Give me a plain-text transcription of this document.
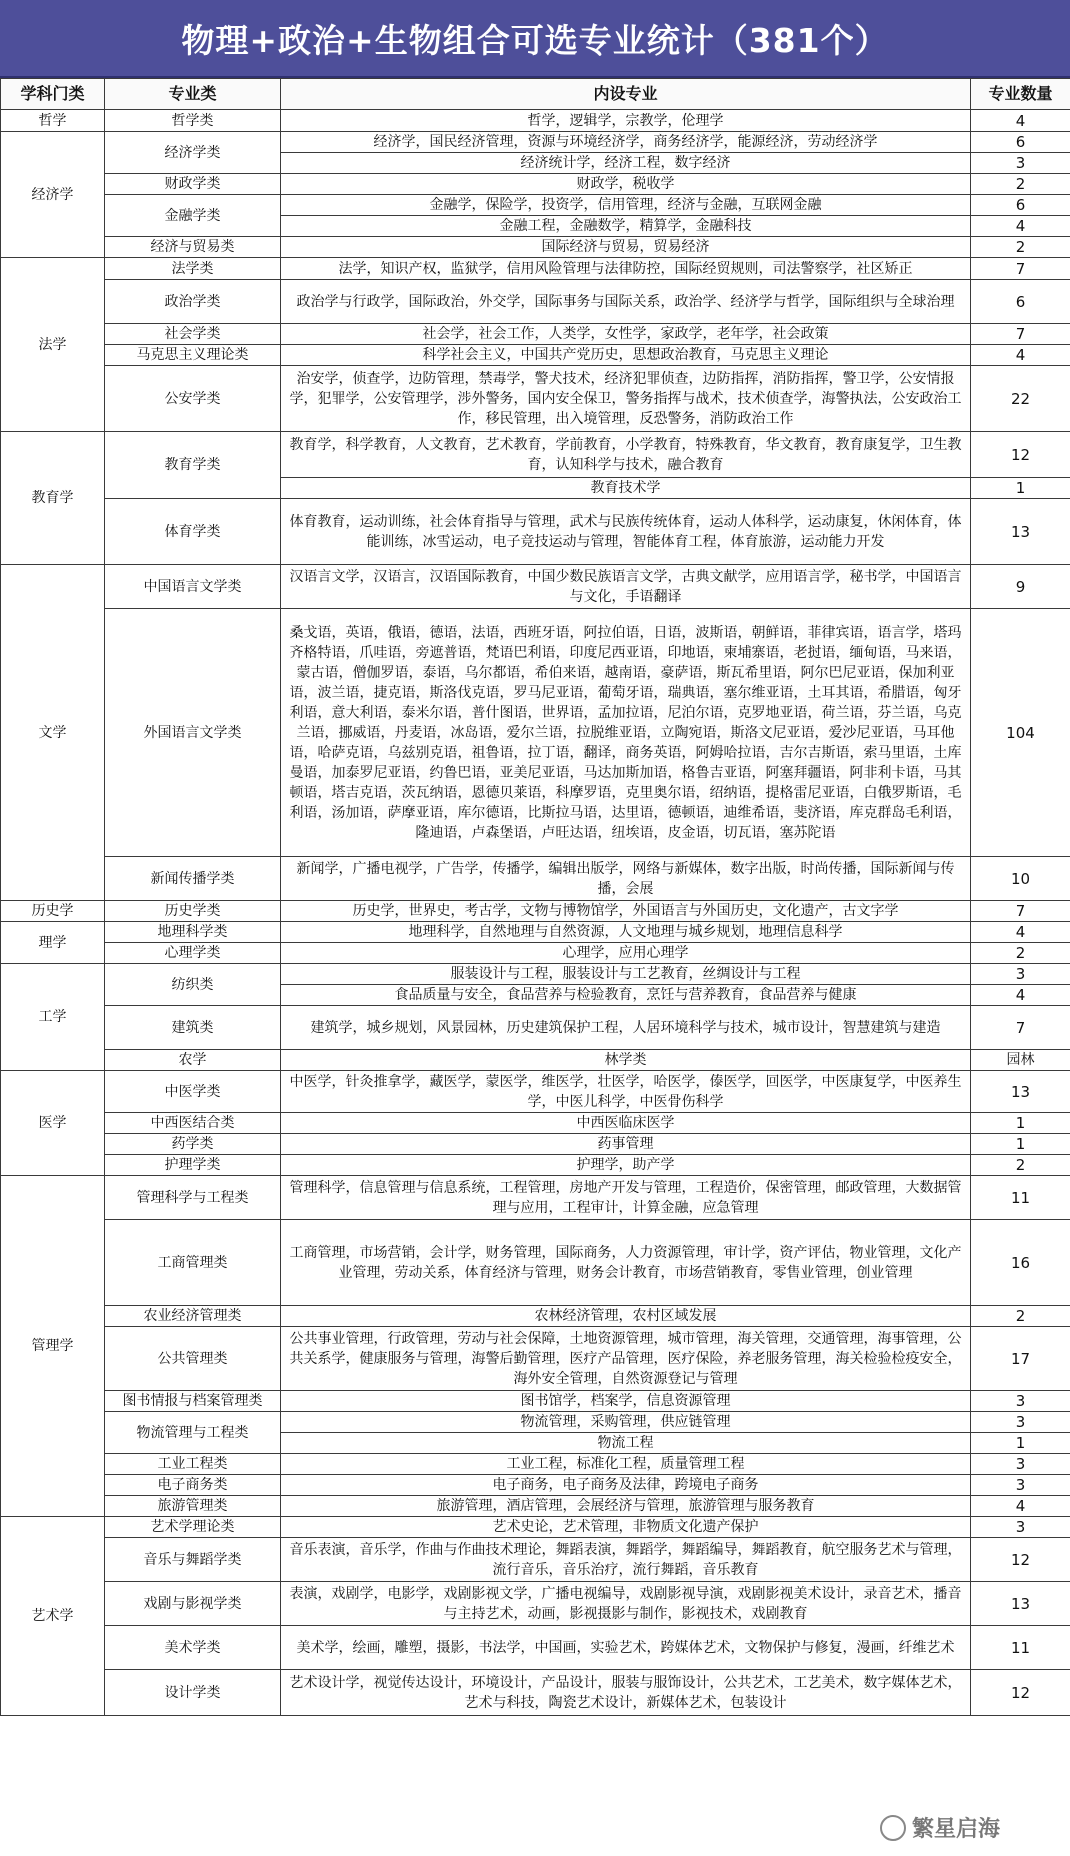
物理+政治+生物组合可选专业统计（381个）
学科门类	专业类	内设专业	专业数量	
哲学	哲学类	哲学，逻辑学，宗教学，伦理学	4	
经济学	经济学类	经济学，国民经济管理，资源与环境经济学，商务经济学，能源经济，劳动经济学	6	
		经济统计学，经济工程，数字经济	3	
	财政学类	财政学，税收学	2	
	金融学类	金融学，保险学，投资学，信用管理，经济与金融，互联网金融	6	
		金融工程，金融数学，精算学，金融科技	4	
	经济与贸易类	国际经济与贸易，贸易经济	2	
法学	法学类	法学，知识产权，监狱学，信用风险管理与法律防控，国际经贸规则，司法警察学，社区矫正	7	
	政治学类	政治学与行政学，国际政治，外交学，国际事务与国际关系，政治学、经济学与哲学，国际组织与全球治理	6	
	社会学类	社会学，社会工作，人类学，女性学，家政学，老年学，社会政策	7	
	马克思主义理论类	科学社会主义，中国共产党历史，思想政治教育，马克思主义理论	4	
	公安学类	治安学，侦查学，边防管理，禁毒学，警犬技术，经济犯罪侦查，边防指挥，消防指挥，警卫学，公安情报学，犯罪学，公安管理学，涉外警务，国内安全保卫，警务指挥与战术，技术侦查学，海警执法，公安政治工作，移民管理，出入境管理，反恐警务，消防政治工作	22	
教育学	教育学类	教育学，科学教育，人文教育，艺术教育，学前教育，小学教育，特殊教育，华文教育，教育康复学，卫生教育，认知科学与技术，融合教育	12	
		教育技术学	1	
	体育学类	体育教育，运动训练，社会体育指导与管理，武术与民族传统体育，运动人体科学，运动康复，休闲体育，体能训练，冰雪运动，电子竞技运动与管理，智能体育工程，体育旅游，运动能力开发	13	
文学	中国语言文学类	汉语言文学，汉语言，汉语国际教育，中国少数民族语言文学，古典文献学，应用语言学，秘书学，中国语言与文化，手语翻译	9	
	外国语言文学类	桑戈语，英语，俄语，德语，法语，西班牙语，阿拉伯语，日语，波斯语，朝鲜语，菲律宾语，语言学，塔玛齐格特语，爪哇语，旁遮普语，梵语巴利语，印度尼西亚语，印地语，柬埔寨语，老挝语，缅甸语，马来语，蒙古语，僧伽罗语，泰语，乌尔都语，希伯来语，越南语，豪萨语，斯瓦希里语，阿尔巴尼亚语，保加利亚语，波兰语，捷克语，斯洛伐克语，罗马尼亚语，葡萄牙语，瑞典语，塞尔维亚语，土耳其语，希腊语，匈牙利语，意大利语，泰米尔语，普什图语，世界语，孟加拉语，尼泊尔语，克罗地亚语，荷兰语，芬兰语，乌克兰语，挪威语，丹麦语，冰岛语，爱尔兰语，拉脱维亚语，立陶宛语，斯洛文尼亚语，爱沙尼亚语，马耳他语，哈萨克语，乌兹别克语，祖鲁语，拉丁语，翻译，商务英语，阿姆哈拉语，吉尔吉斯语，索马里语，土库曼语，加泰罗尼亚语，约鲁巴语，亚美尼亚语，马达加斯加语，格鲁吉亚语，阿塞拜疆语，阿非利卡语，马其顿语，塔吉克语，茨瓦纳语，恩德贝莱语，科摩罗语，克里奥尔语，绍纳语，提格雷尼亚语，白俄罗斯语，毛利语，汤加语，萨摩亚语，库尔德语，比斯拉马语，达里语，德顿语，迪维希语，斐济语，库克群岛毛利语，隆迪语，卢森堡语，卢旺达语，纽埃语，皮金语，切瓦语，塞苏陀语	104	
	新闻传播学类	新闻学，广播电视学，广告学，传播学，编辑出版学，网络与新媒体，数字出版，时尚传播，国际新闻与传播，会展	10	
历史学	历史学类	历史学，世界史，考古学，文物与博物馆学，外国语言与外国历史，文化遗产，古文字学	7	
理学	地理科学类	地理科学，自然地理与自然资源，人文地理与城乡规划，地理信息科学	4	
	心理学类	心理学，应用心理学	2	
工学	纺织类	服装设计与工程，服装设计与工艺教育，丝绸设计与工程	3	
		食品质量与安全，食品营养与检验教育，烹饪与营养教育，食品营养与健康	4	
	建筑类	建筑学，城乡规划，风景园林，历史建筑保护工程，人居环境科学与技术，城市设计，智慧建筑与建造	7	
	农学	林学类	园林	
医学	中医学类	中医学，针灸推拿学，藏医学，蒙医学，维医学，壮医学，哈医学，傣医学，回医学，中医康复学，中医养生学，中医儿科学，中医骨伤科学	13	
	中西医结合类	中西医临床医学	1	
	药学类	药事管理	1	
	护理学类	护理学，助产学	2	
管理学	管理科学与工程类	管理科学，信息管理与信息系统，工程管理，房地产开发与管理，工程造价，保密管理，邮政管理，大数据管理与应用，工程审计，计算金融，应急管理	11	
	工商管理类	工商管理，市场营销，会计学，财务管理，国际商务，人力资源管理，审计学，资产评估，物业管理，文化产业管理，劳动关系，体育经济与管理，财务会计教育，市场营销教育，零售业管理，创业管理	16	
	农业经济管理类	农林经济管理，农村区域发展	2	
	公共管理类	公共事业管理，行政管理，劳动与社会保障，土地资源管理，城市管理，海关管理，交通管理，海事管理，公共关系学，健康服务与管理，海警后勤管理，医疗产品管理，医疗保险，养老服务管理，海关检验检疫安全，海外安全管理，自然资源登记与管理	17	
	图书情报与档案管理类	图书馆学，档案学，信息资源管理	3	
	物流管理与工程类	物流管理，采购管理，供应链管理	3	
		物流工程	1	
	工业工程类	工业工程，标准化工程，质量管理工程	3	
	电子商务类	电子商务，电子商务及法律，跨境电子商务	3	
	旅游管理类	旅游管理，酒店管理，会展经济与管理，旅游管理与服务教育	4	
艺术学	艺术学理论类	艺术史论，艺术管理，非物质文化遗产保护	3	
	音乐与舞蹈学类	音乐表演，音乐学，作曲与作曲技术理论，舞蹈表演，舞蹈学，舞蹈编导，舞蹈教育，航空服务艺术与管理，流行音乐，音乐治疗，流行舞蹈，音乐教育	12	
	戏剧与影视学类	表演，戏剧学，电影学，戏剧影视文学，广播电视编导，戏剧影视导演，戏剧影视美术设计，录音艺术，播音与主持艺术，动画，影视摄影与制作，影视技术，戏剧教育	13	
	美术学类	美术学，绘画，雕塑，摄影，书法学，中国画，实验艺术，跨媒体艺术，文物保护与修复，漫画，纤维艺术	11	
	设计学类	艺术设计学，视觉传达设计，环境设计，产品设计，服装与服饰设计，公共艺术，工艺美术，数字媒体艺术，艺术与科技，陶瓷艺术设计，新媒体艺术，包装设计	12	
繁星启海
